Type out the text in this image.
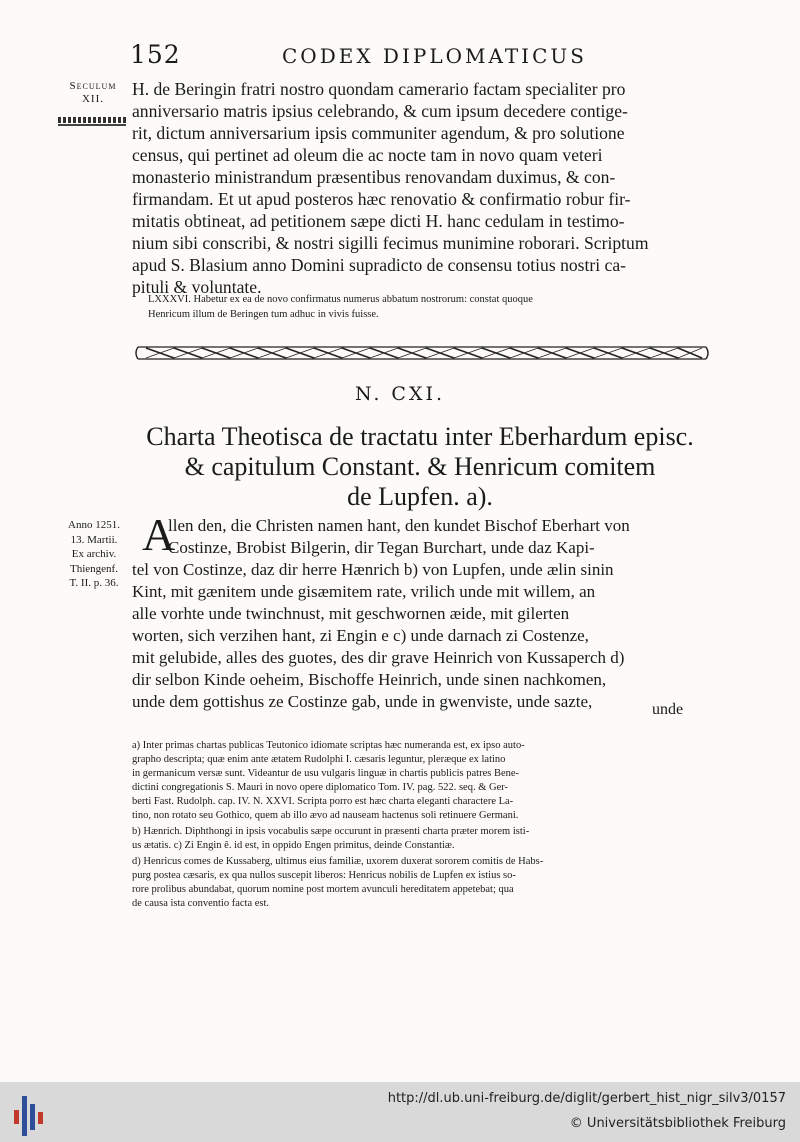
152	CODEX DIPLOMATICUS
Seculum
XII.	H. de Beringin fratri nostro quondam camerario factam specialiter pro
anniversario matris ipsius celebrando, & cum ipsum decedere contige-
rit, dictum anniversarium ipsis communiter agendum, & pro solutione
census, qui pertinet ad oleum die ac nocte tam in novo quam veteri
monasterio ministrandum præsentibus renovandam duximus, & con-
firmandam. Et ut apud posteros hæc renovatio & confirmatio robur fir-
mitatis obtineat, ad petitionem sæpe dicti H. hanc cedulam in testimo-
nium sibi conscribi, & nostri sigilli fecimus munimine roborari. Scriptum
apud S. Blasium anno Domini supradicto de consensu totius nostri ca-
pituli & voluntate.
LXXXVI. Habetur ex ea de novo confirmatus numerus abbatum nostrorum: constat quoque
Henricum illum de Beringen tum adhuc in vivis fuisse.
N. CXI.
Charta Theotisca de tractatu inter Eberhardum episc.
& capitulum Constant. & Henricum comitem
de Lupfen. a).
Anno 1251.
13. Martii.
Ex archiv.
Thiengenf.
T. II. p. 36.
A
llen den, die Christen namen hant, den kundet Bischof Eberhart von
Costinze, Brobist Bilgerin, dir Tegan Burchart, unde daz Kapi-
tel von Costinze, daz dir herre Hænrich b) von Lupfen, unde ælin sinin
Kint, mit gænitem unde gisæmitem rate, vrilich unde mit willem, an
alle vorhte unde twinchnust, mit geschwornen æide, mit gilerten
worten, sich verzihen hant, zi Engin e c) unde darnach zi Costenze,
mit gelubide, alles des guotes, des dir grave Heinrich von Kussaperch d)
dir selbon Kinde oeheim, Bischoffe Heinrich, unde sinen nachkomen,
unde dem gottishus ze Costinze gab, unde in gwenviste, unde sazte,	unde
a) Inter primas chartas publicas Teutonico idiomate scriptas hæc numeranda est, ex ipso auto-
grapho descripta; quæ enim ante ætatem Rudolphi I. cæsaris leguntur, pleræque ex latino
in germanicum versæ sunt. Videantur de usu vulgaris linguæ in chartis publicis patres Bene-
dictini congregationis S. Mauri in novo opere diplomatico Tom. IV. pag. 522. seq. & Ger-
berti Fast. Rudolph. cap. IV. N. XXVI. Scripta porro est hæc charta eleganti charactere La-
tino, non rotato seu Gothico, quem ab illo ævo ad nauseam hactenus soli retinuere Germani.
b) Hænrich. Diphthongi in ipsis vocabulis sæpe occurunt in præsenti charta præter morem isti-
us ætatis. c) Zi Engin ê. id est, in oppido Engen primitus, deinde Constantiæ.
d) Henricus comes de Kussaberg, ultimus eius familiæ, uxorem duxerat sororem comitis de Habs-
purg postea cæsaris, ex qua nullos suscepit liberos: Henricus nobilis de Lupfen ex istius so-
rore prolibus abundabat, quorum nomine post mortem avunculi hereditatem appetebat; qua
de causa ista conventio facta est.
http://dl.ub.uni-freiburg.de/diglit/gerbert_hist_nigr_silv3/0157
© Universitätsbibliothek Freiburg
